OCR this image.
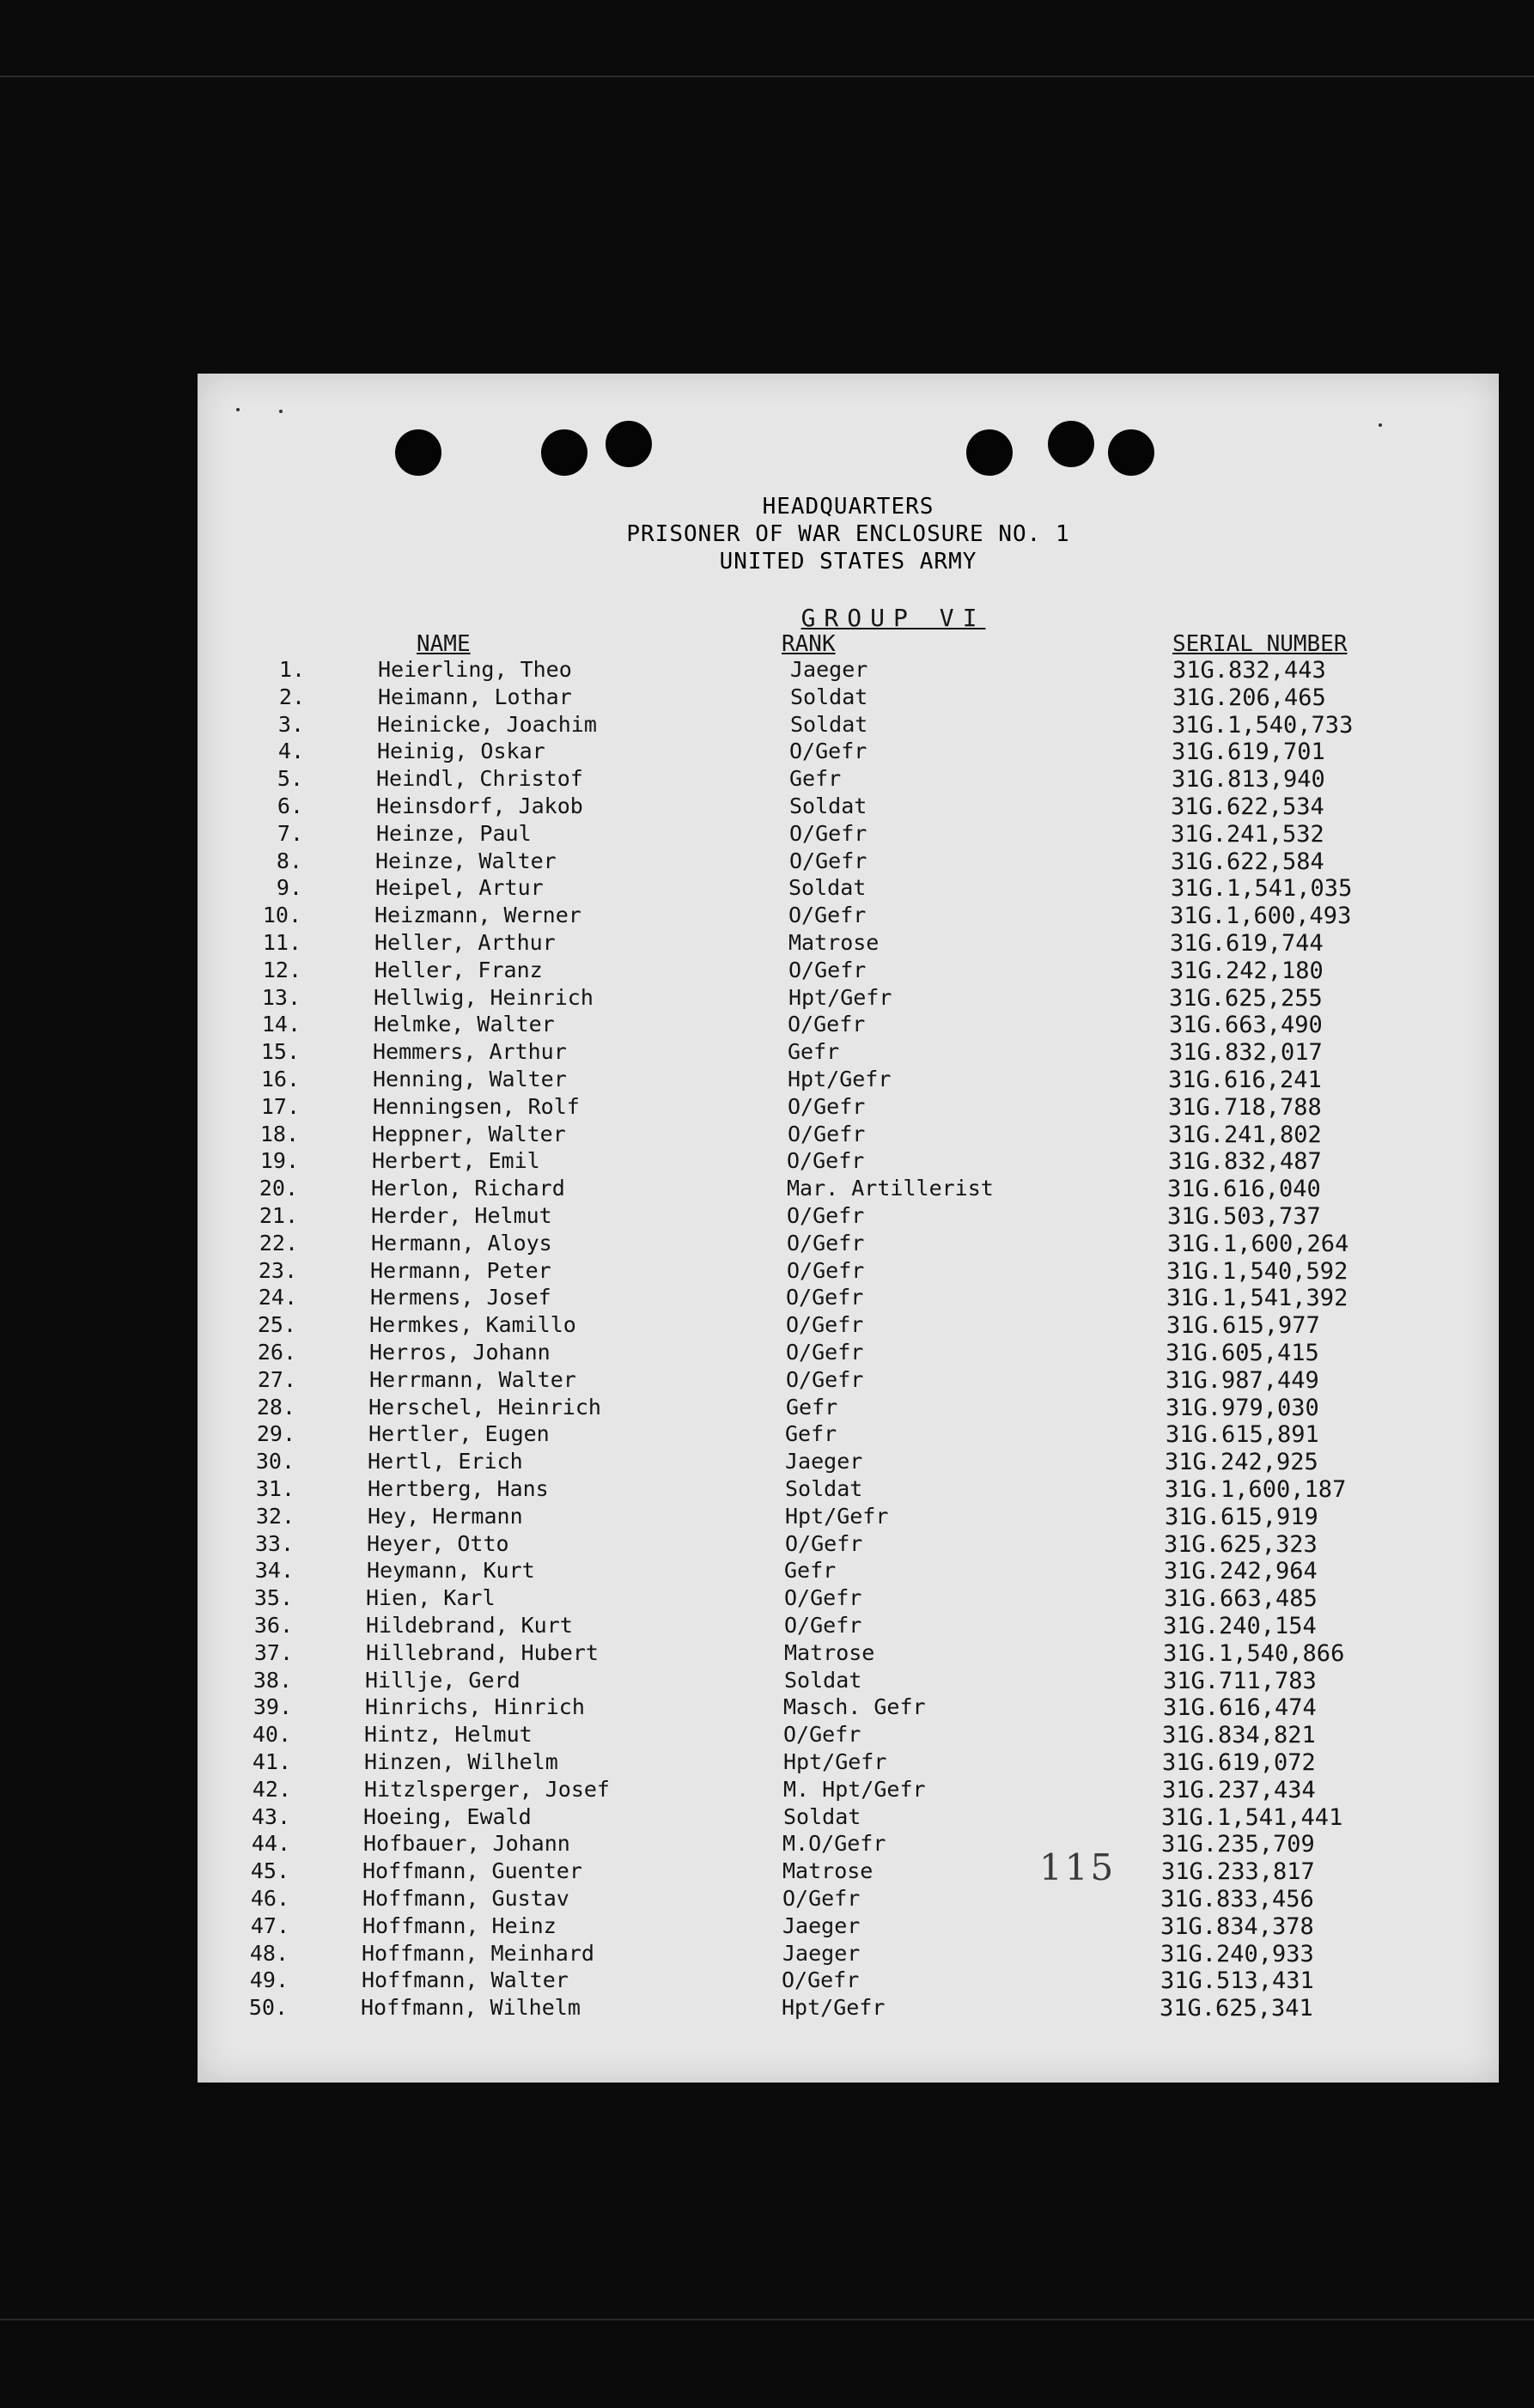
HEADQUARTERS
PRISONER OF WAR ENCLOSURE NO. 1
UNITED STATES ARMY
GROUP VI
NAME	RANK	SERIAL NUMBER
1.	Heierling, Theo	Jaeger	31G.832,443
2.	Heimann, Lothar	Soldat	31G.206,465
3.	Heinicke, Joachim	Soldat	31G.1,540,733
4.	Heinig, Oskar	O/Gefr	31G.619,701
5.	Heindl, Christof	Gefr	31G.813,940
6.	Heinsdorf, Jakob	Soldat	31G.622,534
7.	Heinze, Paul	O/Gefr	31G.241,532
8.	Heinze, Walter	O/Gefr	31G.622,584
9.	Heipel, Artur	Soldat	31G.1,541,035
10.	Heizmann, Werner	O/Gefr	31G.1,600,493
11.	Heller, Arthur	Matrose	31G.619,744
12.	Heller, Franz	O/Gefr	31G.242,180
13.	Hellwig, Heinrich	Hpt/Gefr	31G.625,255
14.	Helmke, Walter	O/Gefr	31G.663,490
15.	Hemmers, Arthur	Gefr	31G.832,017
16.	Henning, Walter	Hpt/Gefr	31G.616,241
17.	Henningsen, Rolf	O/Gefr	31G.718,788
18.	Heppner, Walter	O/Gefr	31G.241,802
19.	Herbert, Emil	O/Gefr	31G.832,487
20.	Herlon, Richard	Mar. Artillerist	31G.616,040
21.	Herder, Helmut	O/Gefr	31G.503,737
22.	Hermann, Aloys	O/Gefr	31G.1,600,264
23.	Hermann, Peter	O/Gefr	31G.1,540,592
24.	Hermens, Josef	O/Gefr	31G.1,541,392
25.	Hermkes, Kamillo	O/Gefr	31G.615,977
26.	Herros, Johann	O/Gefr	31G.605,415
27.	Herrmann, Walter	O/Gefr	31G.987,449
28.	Herschel, Heinrich	Gefr	31G.979,030
29.	Hertler, Eugen	Gefr	31G.615,891
30.	Hertl, Erich	Jaeger	31G.242,925
31.	Hertberg, Hans	Soldat	31G.1,600,187
32.	Hey, Hermann	Hpt/Gefr	31G.615,919
33.	Heyer, Otto	O/Gefr	31G.625,323
34.	Heymann, Kurt	Gefr	31G.242,964
35.	Hien, Karl	O/Gefr	31G.663,485
36.	Hildebrand, Kurt	O/Gefr	31G.240,154
37.	Hillebrand, Hubert	Matrose	31G.1,540,866
38.	Hillje, Gerd	Soldat	31G.711,783
39.	Hinrichs, Hinrich	Masch. Gefr	31G.616,474
40.	Hintz, Helmut	O/Gefr	31G.834,821
41.	Hinzen, Wilhelm	Hpt/Gefr	31G.619,072
42.	Hitzlsperger, Josef	M. Hpt/Gefr	31G.237,434
43.	Hoeing, Ewald	Soldat	31G.1,541,441
44.	Hofbauer, Johann	M.O/Gefr	31G.235,709
45.	Hoffmann, Guenter	Matrose	31G.233,817
46.	Hoffmann, Gustav	O/Gefr	31G.833,456
47.	Hoffmann, Heinz	Jaeger	31G.834,378
48.	Hoffmann, Meinhard	Jaeger	31G.240,933
49.	Hoffmann, Walter	O/Gefr	31G.513,431
50.	Hoffmann, Wilhelm	Hpt/Gefr	31G.625,341
115
